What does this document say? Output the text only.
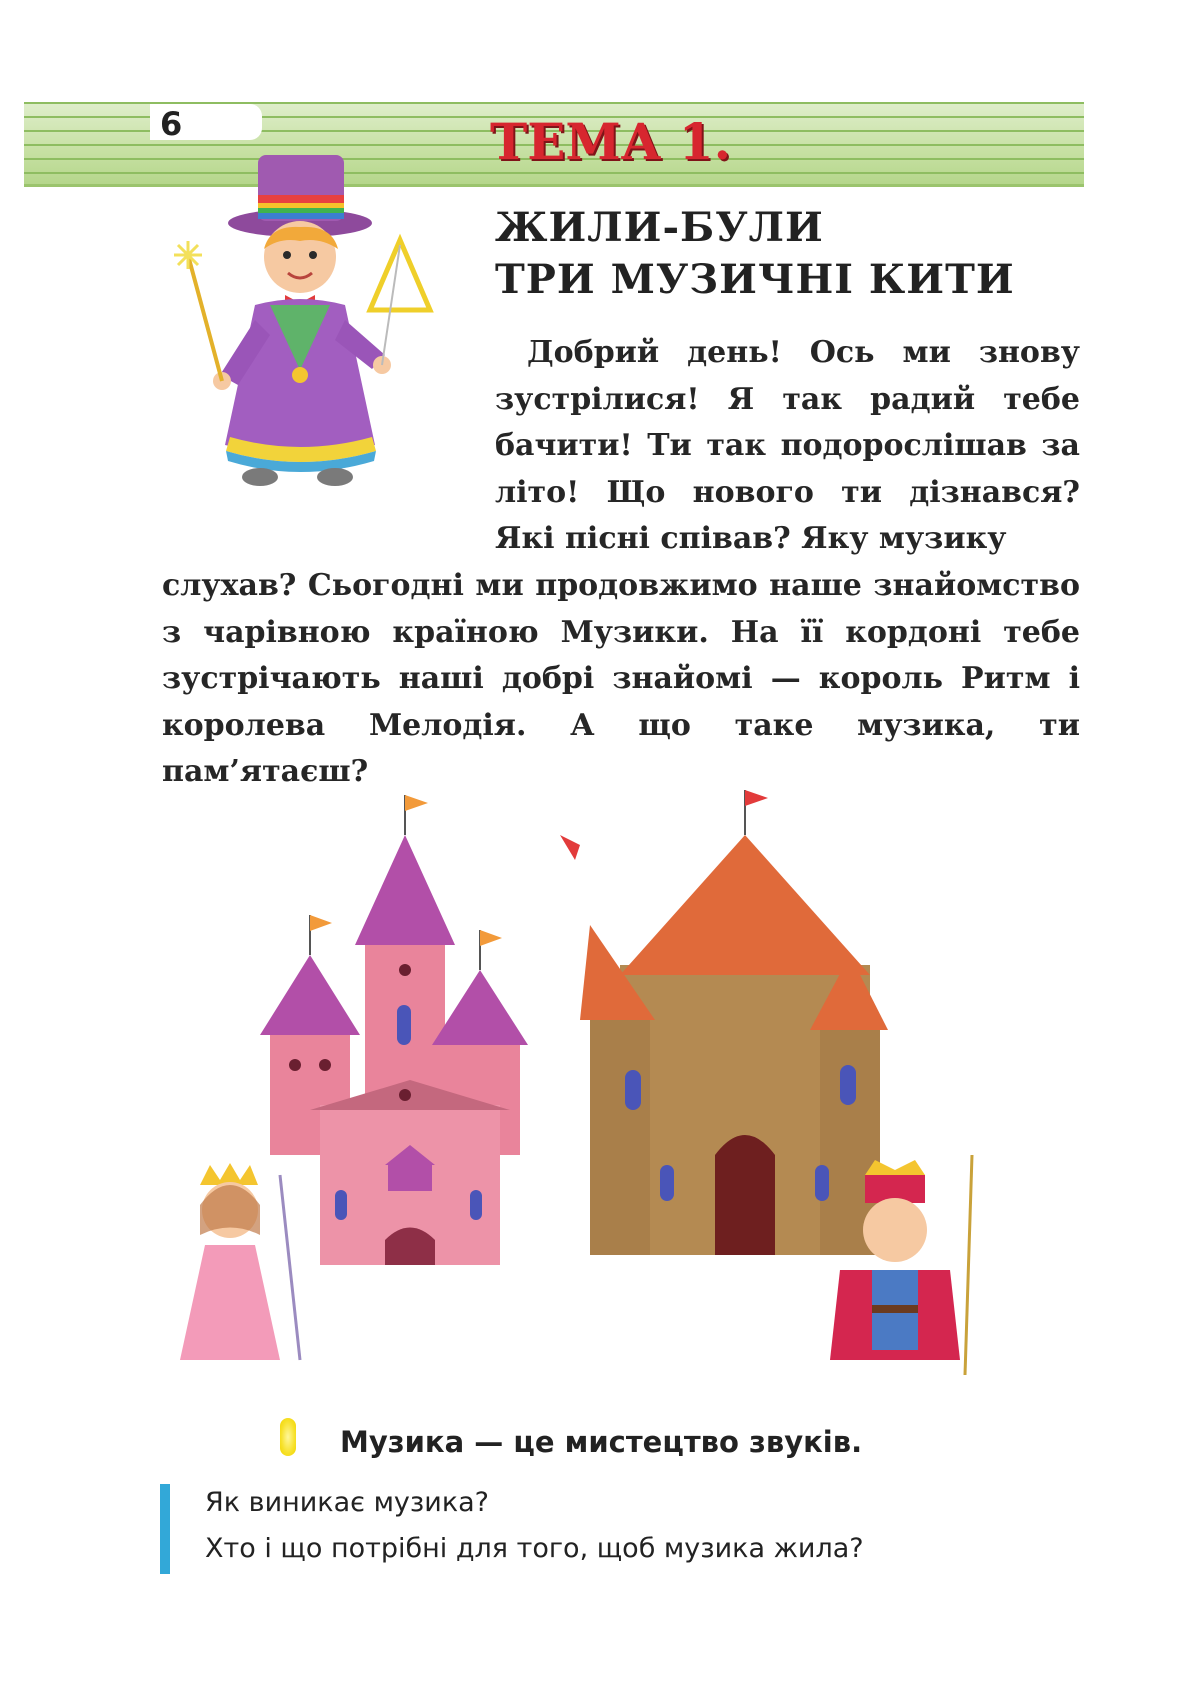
6	ТЕМА 1.
ЖИЛИ-БУЛИ
ТРИ МУЗИЧНІ КИТИ
Добрий день! Ось ми знову зустрілися! Я так радий тебе бачити! Ти так подорослішав за літо! Що нового ти дізнався? Які пісні співав? Яку музику
слухав? Сьогодні ми продовжимо наше знайомство з чарівною країною Музики. На її кордоні тебе зустрічають наші добрі знайомі — король Ритм і королева Мелодія. А що таке музика, ти пам’ятаєш?
Музика — це мистецтво звуків.
Як виникає музика?
Хто і що потрібні для того, щоб музика жила?
